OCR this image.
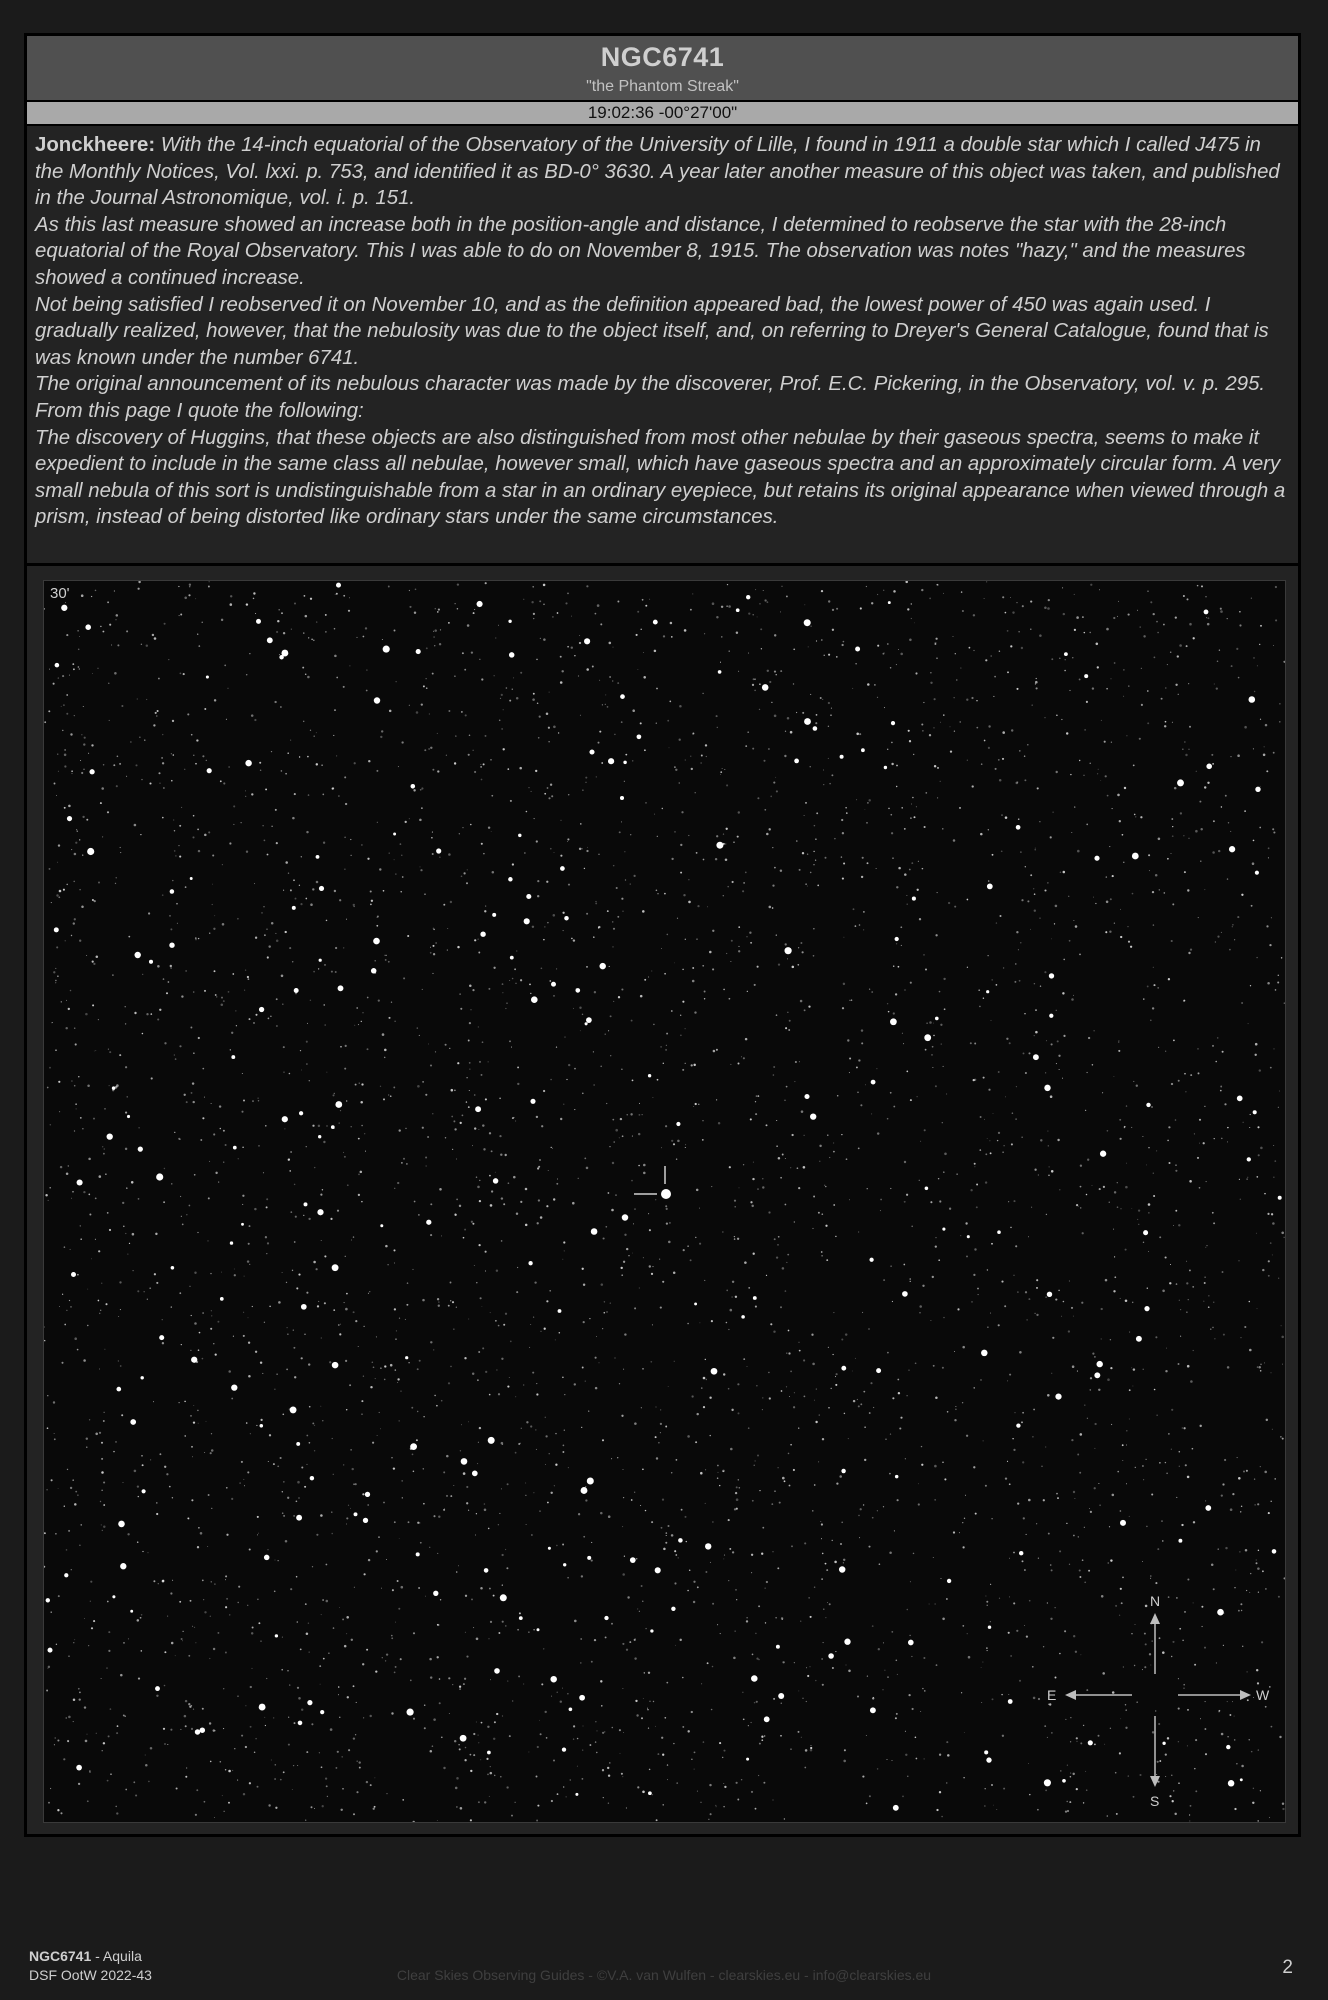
NGC6741
"the Phantom Streak"
19:02:36 -00°27'00"

Jonckheere: With the 14-inch equatorial of the Observatory of the University of Lille, I found in 1911 a double star which I called J475 in the Monthly Notices, Vol. lxxi. p. 753, and identified it as BD-0° 3630. A year later another measure of this object was taken, and published in the Journal Astronomique, vol. i. p. 151.

As this last measure showed an increase both in the position-angle and distance, I determined to reobserve the star with the 28-inch equatorial of the Royal Observatory. This I was able to do on November 8, 1915. The observation was notes "hazy," and the measures showed a continued increase.

Not being satisfied I reobserved it on November 10, and as the definition appeared bad, the lowest power of 450 was again used. I gradually realized, however, that the nebulosity was due to the object itself, and, on referring to Dreyer's General Catalogue, found that is was known under the number 6741.

The original announcement of its nebulous character was made by the discoverer, Prof. E.C. Pickering, in the Observatory, vol. v. p. 295. From this page I quote the following:

The discovery of Huggins, that these objects are also distinguished from most other nebulae by their gaseous spectra, seems to make it expedient to include in the same class all nebulae, however small, which have gaseous spectra and an approximately circular form. A very small nebula of this sort is undistinguishable from a star in an ordinary eyepiece, but retains its original appearance when viewed through a prism, instead of being distorted like ordinary stars under the same circumstances.

N
S
E	W
30'
NGC6741 - Aquila
DSF OotW 2022-43	Clear Skies Observing Guides - ©V.A. van Wulfen - clearskies.eu - info@clearskies.eu	2
